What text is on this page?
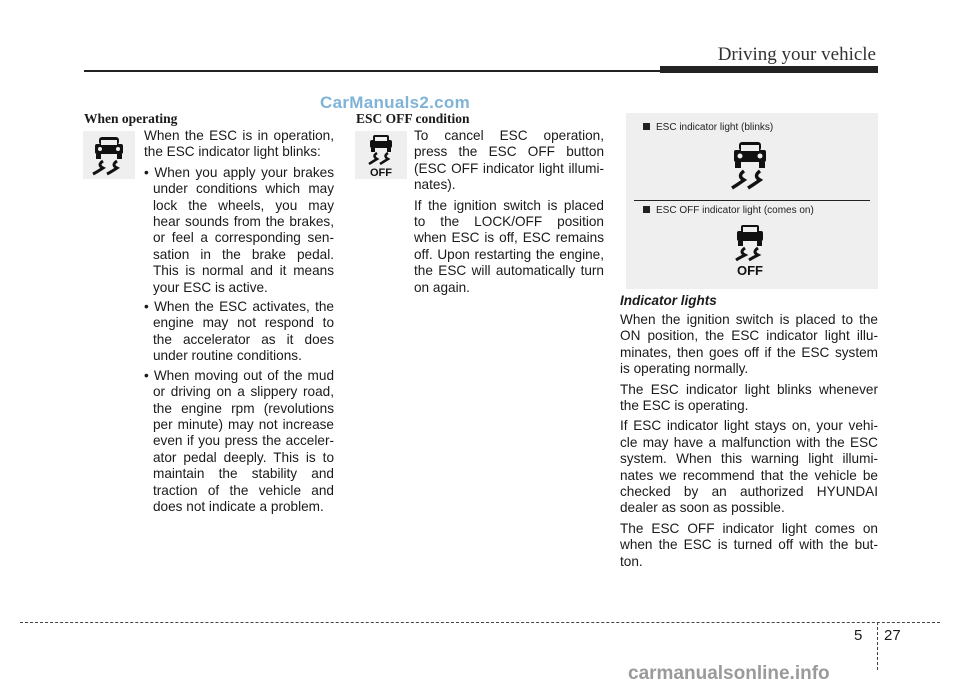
Driving your vehicle
CarManuals2.com
When operating
When the ESC is in operation, the ESC indicator light blinks:
• When you apply your brakes under conditions which may lock the wheels, you may hear sounds from the brakes, or feel a corresponding sen-sation in the brake pedal. This is normal and it means your ESC is active.
• When the ESC activates, the engine may not respond to the accelerator as it does under routine conditions.
• When moving out of the mud or driving on a slippery road, the engine rpm (revolutions per minute) may not increase even if you press the acceler-ator pedal deeply. This is to maintain the stability and traction of the vehicle and does not indicate a problem.
ESC OFF condition
OFF
To cancel ESC operation, press the ESC OFF button (ESC OFF indicator light illumi-nates).
If the ignition switch is placed to the LOCK/OFF position when ESC is off, ESC remains off. Upon restarting the engine, the ESC will automatically turn on again.
ESC indicator light (blinks)
ESC OFF indicator light (comes on)
OFF
Indicator lights
When the ignition switch is placed to the ON position, the ESC indicator light illu-minates, then goes off if the ESC system is operating normally.
The ESC indicator light blinks whenever the ESC is operating.
If ESC indicator light stays on, your vehi-cle may have a malfunction with the ESC system. When this warning light illumi-nates we recommend that the vehicle be checked by an authorized HYUNDAI dealer as soon as possible.
The ESC OFF indicator light comes on when the ESC is turned off with the but-ton.
5 27
carmanualsonline.info
